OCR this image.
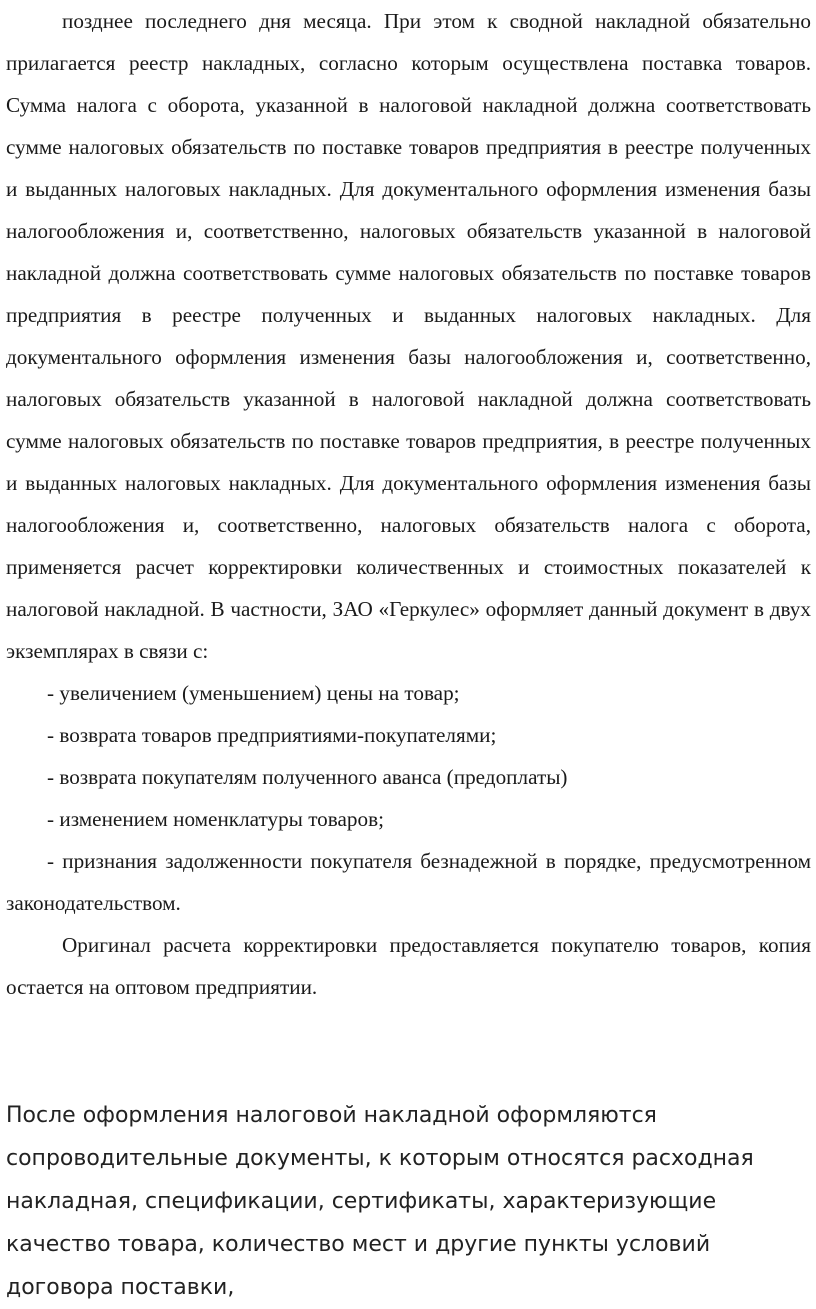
позднее последнего дня месяца. При этом к сводной накладной обязательно прилагается реестр накладных, согласно которым осуществлена поставка товаров. Сумма налога с оборота, указанной в налоговой накладной должна соответствовать сумме налоговых обязательств по поставке товаров предприятия в реестре полученных и выданных налоговых накладных. Для документального оформления изменения базы налогообложения и, соответственно, налоговых обязательств указанной в налоговой накладной должна соответствовать сумме налоговых обязательств по поставке товаров предприятия в реестре полученных и выданных налоговых накладных. Для документального оформления изменения базы налогообложения и, соответственно, налоговых обязательств указанной в налоговой накладной должна соответствовать сумме налоговых обязательств по поставке товаров предприятия, в реестре полученных и выданных налоговых накладных. Для документального оформления изменения базы налогообложения и, соответственно, налоговых обязательств налога с оборота, применяется расчет корректировки количественных и стоимостных показателей к налоговой накладной. В частности, ЗАО «Геркулес» оформляет данный документ в двух экземплярах в связи с:

- увеличением (уменьшением) цены на товар;

- возврата товаров предприятиями-покупателями;

- возврата покупателям полученного аванса (предоплаты)

- изменением номенклатуры товаров;

- признания задолженности покупателя безнадежной в порядке, предусмотренном законодательством.

Оригинал расчета корректировки предоставляется покупателю товаров, копия остается на оптовом предприятии.

После оформления налоговой накладной оформляются сопроводительные документы, к которым относятся расходная накладная, спецификации, сертификаты, характеризующие качество товара, количество мест и другие пункты условий договора поставки,
